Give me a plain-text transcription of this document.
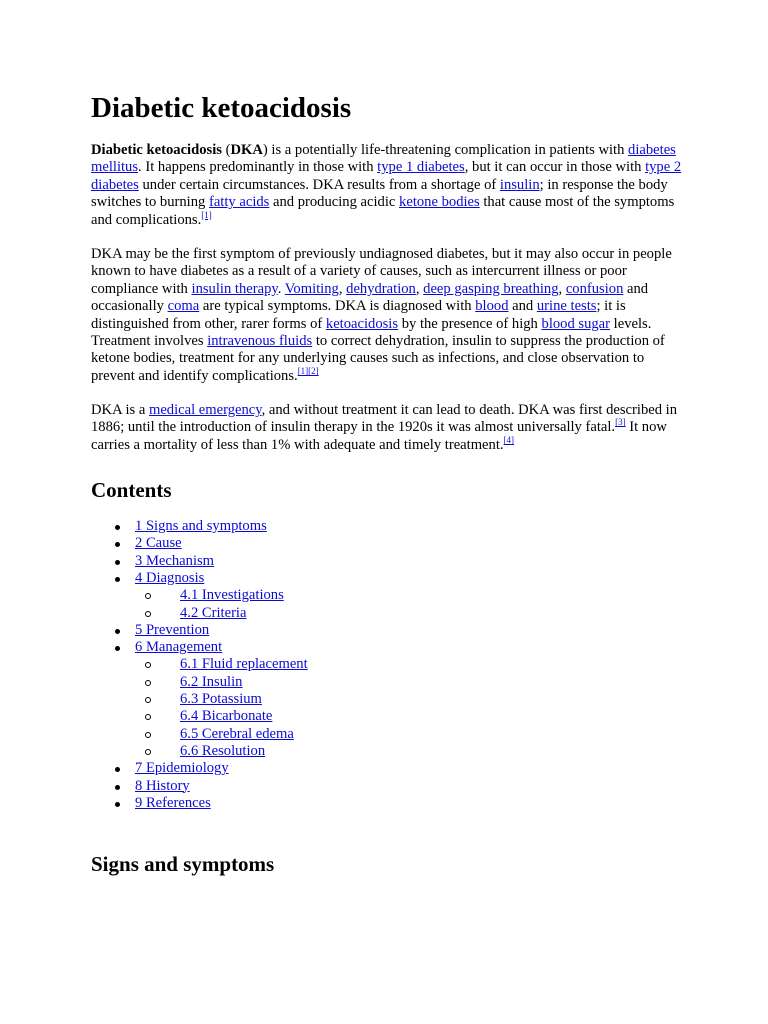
Diabetic ketoacidosis

Diabetic ketoacidosis (DKA) is a potentially life-threatening complication in patients with diabetes mellitus. It happens predominantly in those with type 1 diabetes, but it can occur in those with type 2 diabetes under certain circumstances. DKA results from a shortage of insulin; in response the body switches to burning fatty acids and producing acidic ketone bodies that cause most of the symptoms and complications.[1]

DKA may be the first symptom of previously undiagnosed diabetes, but it may also occur in people known to have diabetes as a result of a variety of causes, such as intercurrent illness or poor compliance with insulin therapy. Vomiting, dehydration, deep gasping breathing, confusion and occasionally coma are typical symptoms. DKA is diagnosed with blood and urine tests; it is distinguished from other, rarer forms of ketoacidosis by the presence of high blood sugar levels. Treatment involves intravenous fluids to correct dehydration, insulin to suppress the production of ketone bodies, treatment for any underlying causes such as infections, and close observation to prevent and identify complications.[1][2]

DKA is a medical emergency, and without treatment it can lead to death. DKA was first described in 1886; until the introduction of insulin therapy in the 1920s it was almost universally fatal.[3] It now carries a mortality of less than 1% with adequate and timely treatment.[4]

Contents
1 Signs and symptoms
2 Cause
3 Mechanism
4 Diagnosis
4.1 Investigations
4.2 Criteria
5 Prevention
6 Management
6.1 Fluid replacement
6.2 Insulin
6.3 Potassium
6.4 Bicarbonate
6.5 Cerebral edema
6.6 Resolution
7 Epidemiology
8 History
9 References
Signs and symptoms
